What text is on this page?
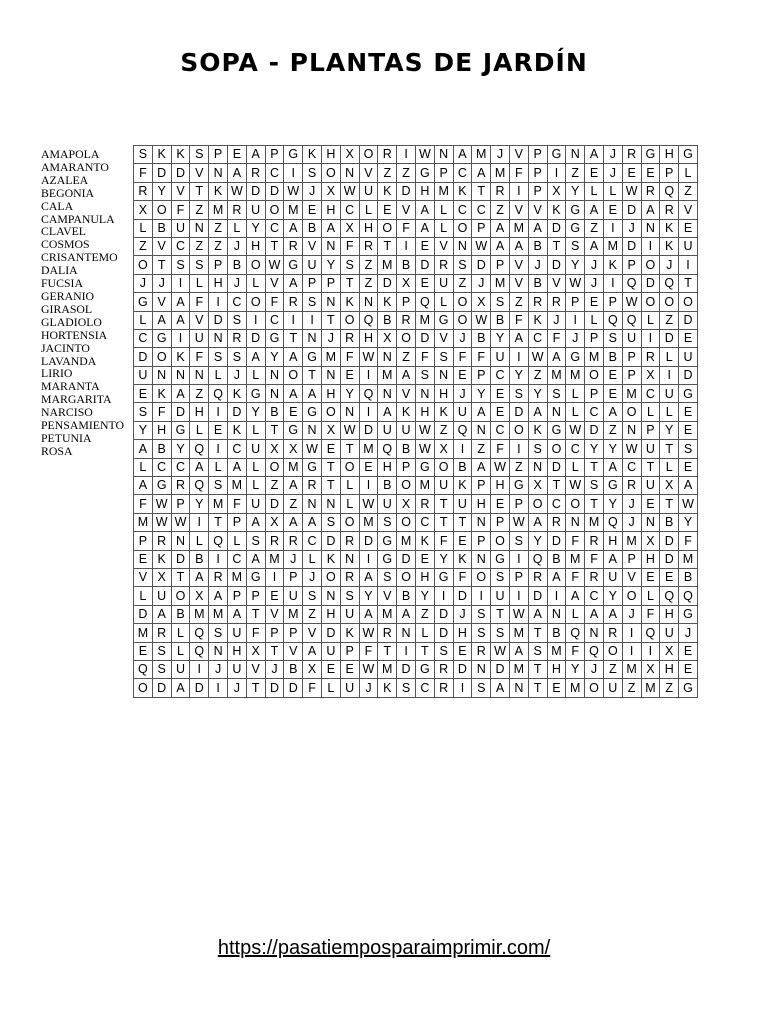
SOPA - PLANTAS DE JARDÍN
AMAPOLA
AMARANTO
AZALEA
BEGONIA
CALA
CAMPANULA
CLAVEL
COSMOS
CRISANTEMO
DALIA
FUCSIA
GERANIO
GIRASOL
GLADIOLO
HORTENSIA
JACINTO
LAVANDA
LIRIO
MARANTA
MARGARITA
NARCISO
PENSAMIENTO
PETUNIA
ROSA
S	K	K	S	P	E	A	P	G	K	H	X	O	R	I	W	N	A	M	J	V	P	G	N	A	J	R	G	H	G
F	D	D	V	N	A	R	C	I	S	O	N	V	Z	Z	G	P	C	A	M	F	P	I	Z	E	J	E	E	P	L
R	Y	V	T	K	W	D	D	W	J	X	W	U	K	D	H	M	K	T	R	I	P	X	Y	L	L	W	R	Q	Z
X	O	F	Z	M	R	U	O	M	E	H	C	L	E	V	A	L	C	C	Z	V	V	K	G	A	E	D	A	R	V
L	B	U	N	Z	L	Y	C	A	B	A	X	H	O	F	A	L	O	P	A	M	A	D	G	Z	I	J	N	K	E
Z	V	C	Z	Z	J	H	T	R	V	N	F	R	T	I	E	V	N	W	A	A	B	T	S	A	M	D	I	K	U
O	T	S	S	P	B	O	W	G	U	Y	S	Z	M	B	D	R	S	D	P	V	J	D	Y	J	K	P	O	J	I
J	J	I	L	H	J	L	V	A	P	P	T	Z	D	X	E	U	Z	J	M	V	B	V	W	J	I	Q	D	Q	T
G	V	A	F	I	C	O	F	R	S	N	K	N	K	P	Q	L	O	X	S	Z	R	R	P	E	P	W	O	O	O
L	A	A	V	D	S	I	C	I	I	T	O	Q	B	R	M	G	O	W	B	F	K	J	I	L	Q	Q	L	Z	D
C	G	I	U	N	R	D	G	T	N	J	R	H	X	O	D	V	J	B	Y	A	C	F	J	P	S	U	I	D	E
D	O	K	F	S	S	A	Y	A	G	M	F	W	N	Z	F	S	F	F	U	I	W	A	G	M	B	P	R	L	U
U	N	N	N	L	J	L	N	O	T	N	E	I	M	A	S	N	E	P	C	Y	Z	M	M	O	E	P	X	I	D
E	K	A	Z	Q	K	G	N	A	A	H	Y	Q	N	V	N	H	J	Y	E	S	Y	S	L	P	E	M	C	U	G
S	F	D	H	I	D	Y	B	E	G	O	N	I	A	K	H	K	U	A	E	D	A	N	L	C	A	O	L	L	E
Y	H	G	L	E	K	L	T	G	N	X	W	D	U	U	W	Z	Q	N	C	O	K	G	W	D	Z	N	P	Y	E
A	B	Y	Q	I	C	U	X	X	W	E	T	M	Q	B	W	X	I	Z	F	I	S	O	C	Y	Y	W	U	T	S
L	C	C	A	L	A	L	O	M	G	T	O	E	H	P	G	O	B	A	W	Z	N	D	L	T	A	C	T	L	E
A	G	R	Q	S	M	L	Z	A	R	T	L	I	B	O	M	U	K	P	H	G	X	T	W	S	G	R	U	X	A
F	W	P	Y	M	F	U	D	Z	N	N	L	W	U	X	R	T	U	H	E	P	O	C	O	T	Y	J	E	T	W
M	W	W	I	T	P	A	X	A	A	S	O	M	S	O	C	T	T	N	P	W	A	R	N	M	Q	J	N	B	Y
P	R	N	L	Q	L	S	R	R	C	D	R	D	G	M	K	F	E	P	O	S	Y	D	F	R	H	M	X	D	F
E	K	D	B	I	C	A	M	J	L	K	N	I	G	D	E	Y	K	N	G	I	Q	B	M	F	A	P	H	D	M
V	X	T	A	R	M	G	I	P	J	O	R	A	S	O	H	G	F	O	S	P	R	A	F	R	U	V	E	E	B
L	U	O	X	A	P	P	E	U	S	N	S	Y	V	B	Y	I	D	I	U	I	D	I	A	C	Y	O	L	Q	Q
D	A	B	M	M	A	T	V	M	Z	H	U	A	M	A	Z	D	J	S	T	W	A	N	L	A	A	J	F	H	G
M	R	L	Q	S	U	F	P	P	V	D	K	W	R	N	L	D	H	S	S	M	T	B	Q	N	R	I	Q	U	J
E	S	L	Q	N	H	X	T	V	A	U	P	F	T	I	T	S	E	R	W	A	S	M	F	Q	O	I	I	X	E
Q	S	U	I	J	U	V	J	B	X	E	E	W	M	D	G	R	D	N	D	M	T	H	Y	J	Z	M	X	H	E
O	D	A	D	I	J	T	D	D	F	L	U	J	K	S	C	R	I	S	A	N	T	E	M	O	U	Z	M	Z	G
https://pasatiemposparaimprimir.com/
